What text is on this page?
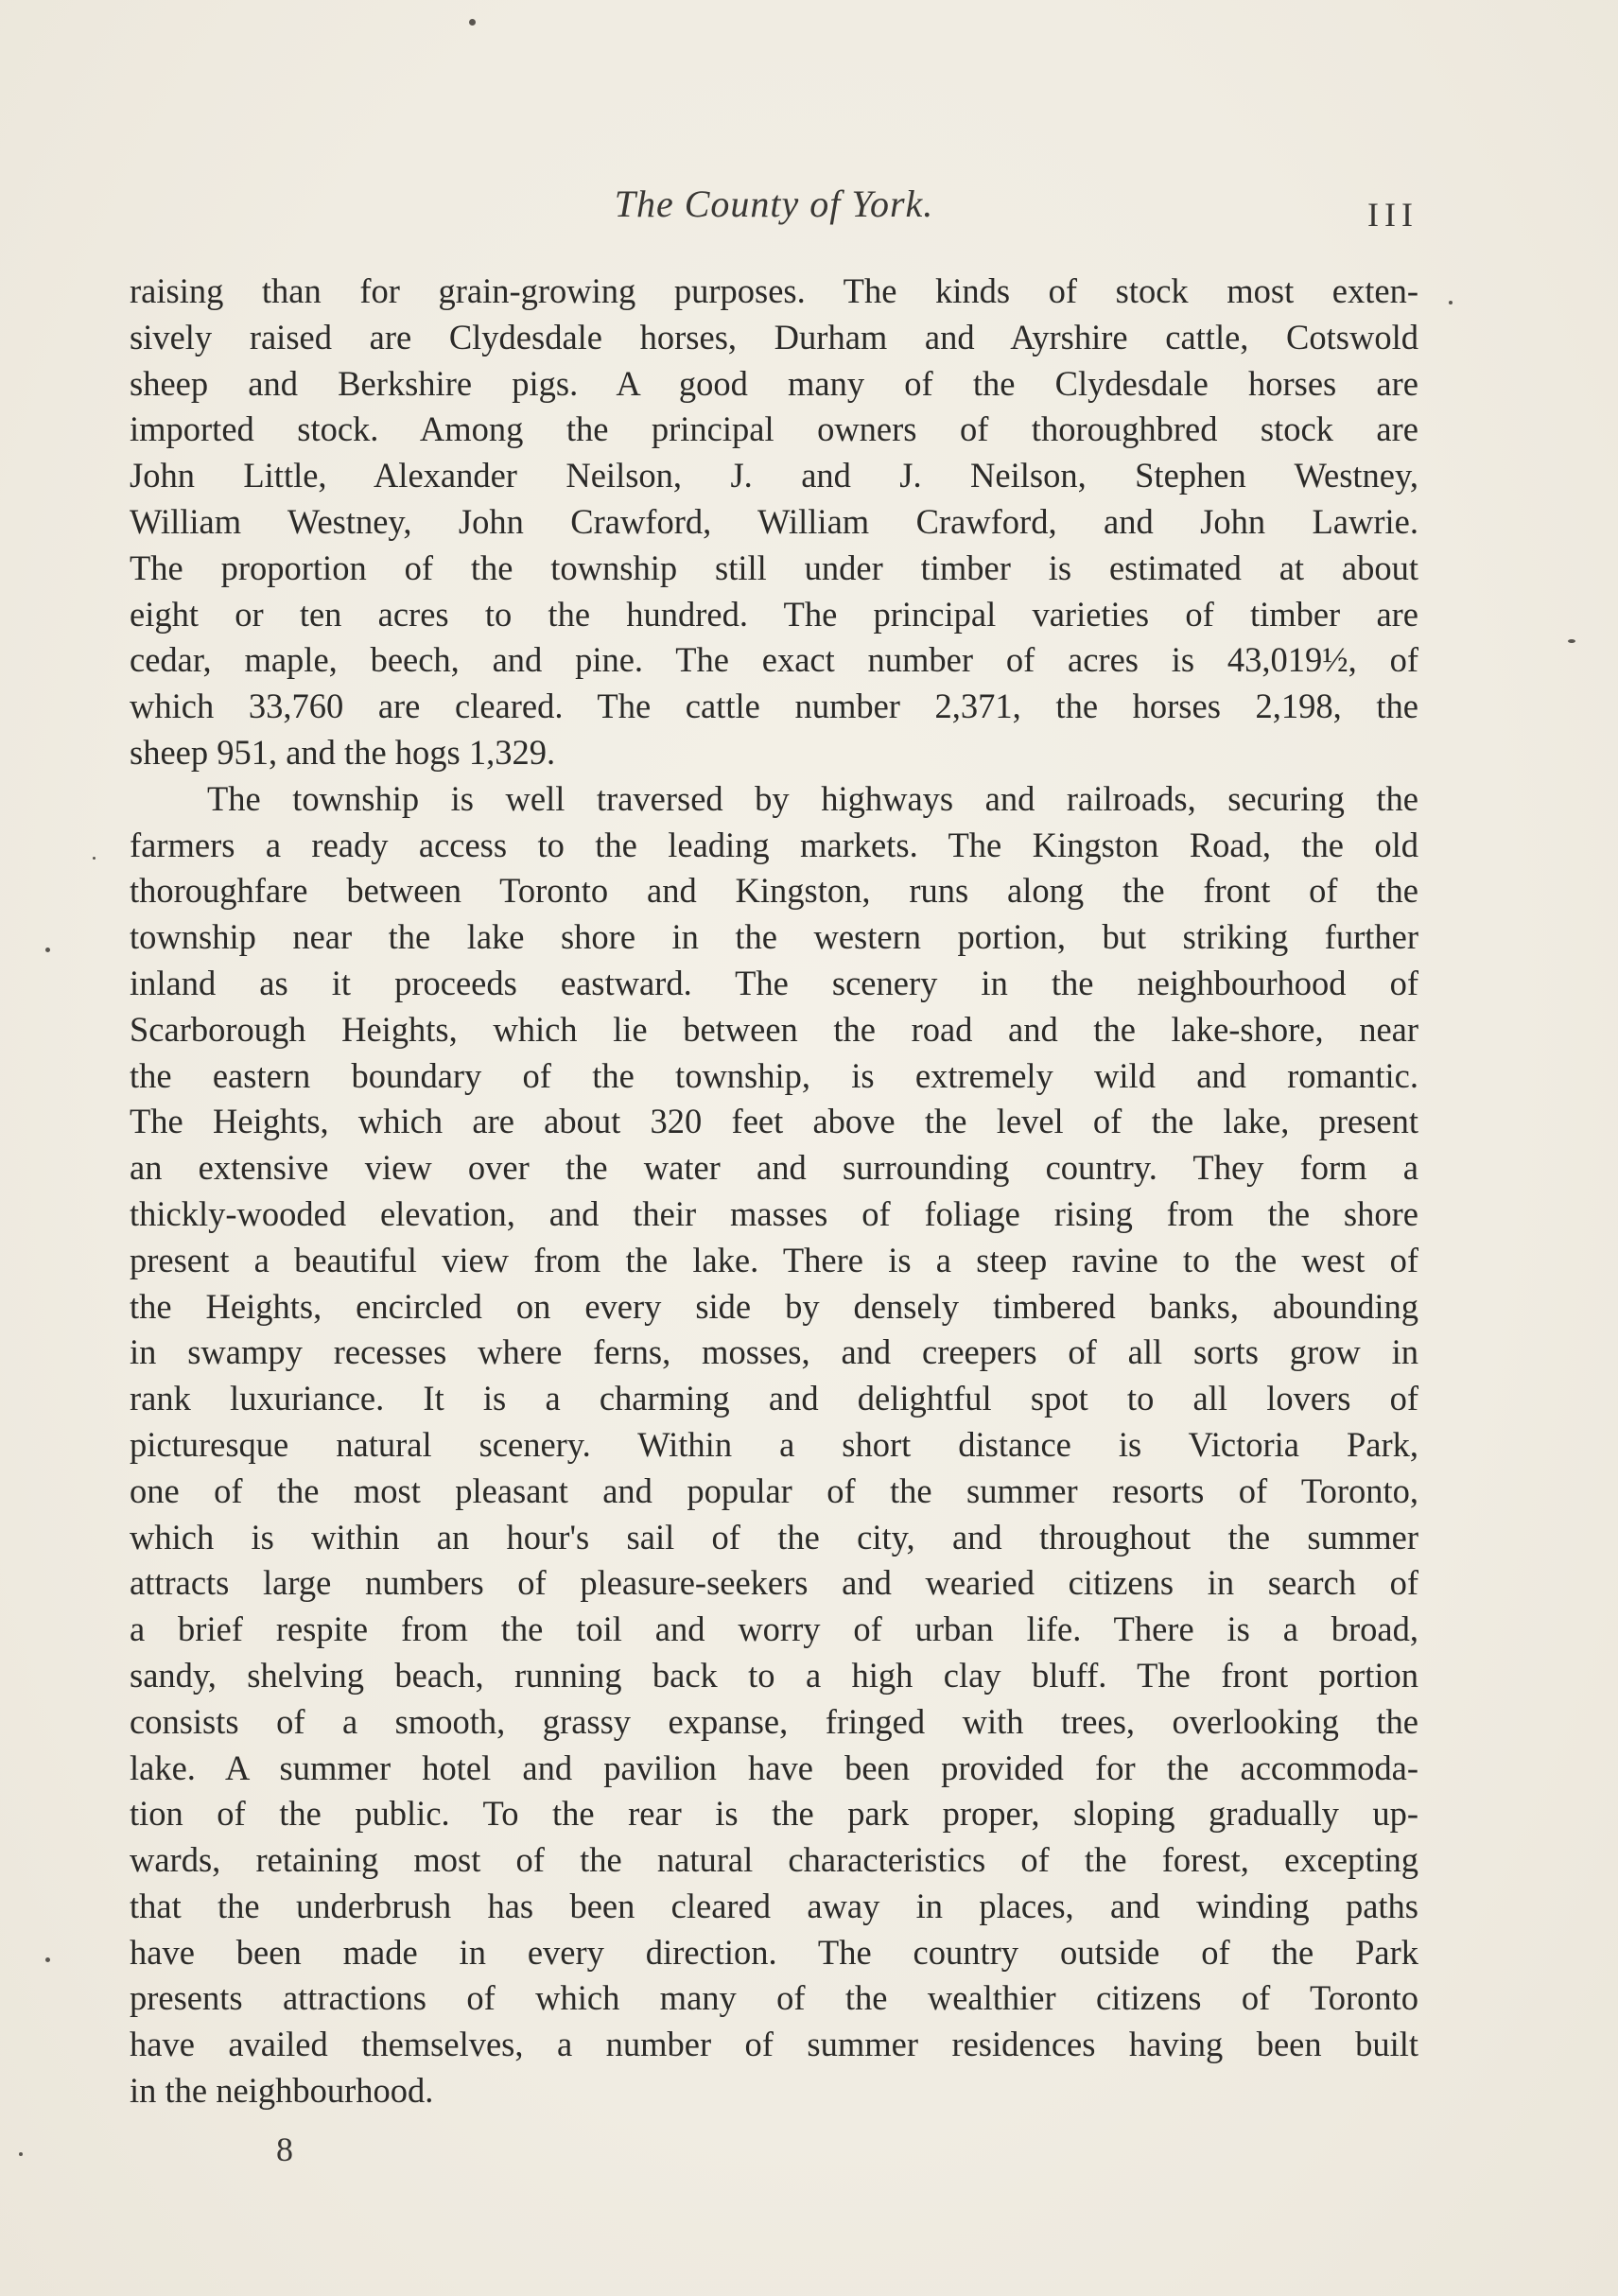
The County of York.	III
raising than for grain-growing purposes. The kinds of stock most exten-
sively raised are Clydesdale horses, Durham and Ayrshire cattle, Cotswold
sheep and Berkshire pigs. A good many of the Clydesdale horses are
imported stock. Among the principal owners of thoroughbred stock are
John Little, Alexander Neilson, J. and J. Neilson, Stephen Westney,
William Westney, John Crawford, William Crawford, and John Lawrie.
The proportion of the township still under timber is estimated at about
eight or ten acres to the hundred. The principal varieties of timber are
cedar, maple, beech, and pine. The exact number of acres is 43,019½, of
which 33,760 are cleared. The cattle number 2,371, the horses 2,198, the
sheep 951, and the hogs 1,329.
The township is well traversed by highways and railroads, securing the
farmers a ready access to the leading markets. The Kingston Road, the old
thoroughfare between Toronto and Kingston, runs along the front of the
township near the lake shore in the western portion, but striking further
inland as it proceeds eastward. The scenery in the neighbourhood of
Scarborough Heights, which lie between the road and the lake-shore, near
the eastern boundary of the township, is extremely wild and romantic.
The Heights, which are about 320 feet above the level of the lake, present
an extensive view over the water and surrounding country. They form a
thickly-wooded elevation, and their masses of foliage rising from the shore
present a beautiful view from the lake. There is a steep ravine to the west of
the Heights, encircled on every side by densely timbered banks, abounding
in swampy recesses where ferns, mosses, and creepers of all sorts grow in
rank luxuriance. It is a charming and delightful spot to all lovers of
picturesque natural scenery. Within a short distance is Victoria Park,
one of the most pleasant and popular of the summer resorts of Toronto,
which is within an hour's sail of the city, and throughout the summer
attracts large numbers of pleasure-seekers and wearied citizens in search of
a brief respite from the toil and worry of urban life. There is a broad,
sandy, shelving beach, running back to a high clay bluff. The front portion
consists of a smooth, grassy expanse, fringed with trees, overlooking the
lake. A summer hotel and pavilion have been provided for the accommoda-
tion of the public. To the rear is the park proper, sloping gradually up-
wards, retaining most of the natural characteristics of the forest, excepting
that the underbrush has been cleared away in places, and winding paths
have been made in every direction. The country outside of the Park
presents attractions of which many of the wealthier citizens of Toronto
have availed themselves, a number of summer residences having been built
in the neighbourhood.
8
